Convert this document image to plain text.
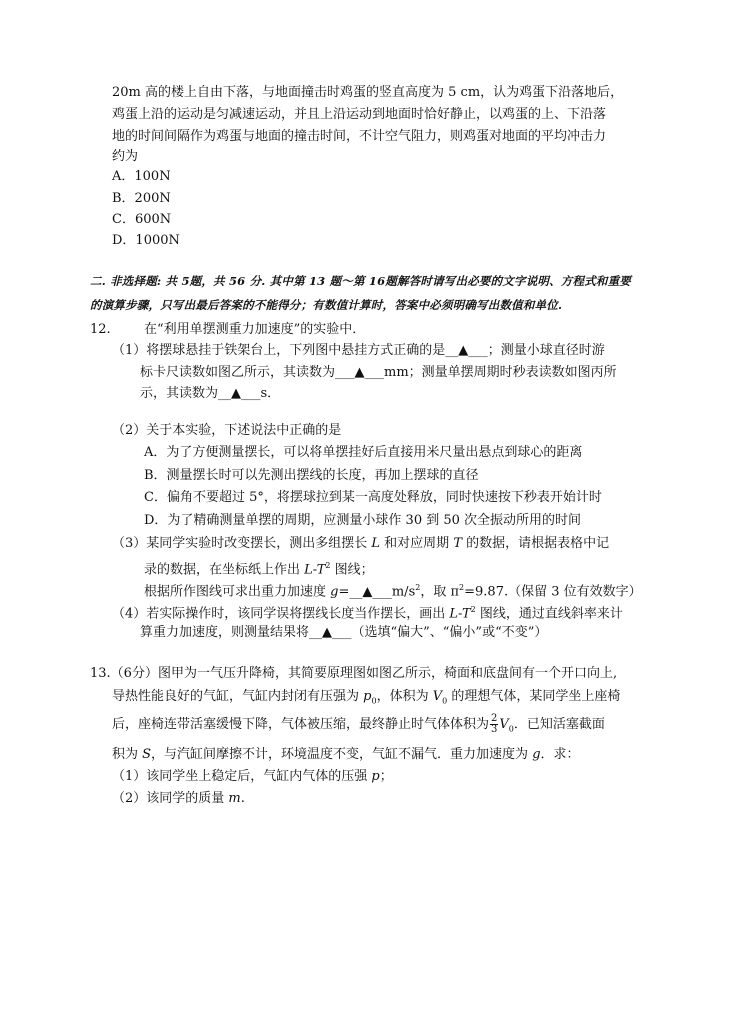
20m 高的楼上自由下落，与地面撞击时鸡蛋的竖直高度为 5 cm，认为鸡蛋下沿落地后，
鸡蛋上沿的运动是匀减速运动，并且上沿运动到地面时恰好静止，以鸡蛋的上、下沿落
地的时间间隔作为鸡蛋与地面的撞击时间，不计空气阻力，则鸡蛋对地面的平均冲击力
约为
A．100N
B．200N
C．600N
D．1000N
二. 非选择题: 共 5题，共 56 分. 其中第 13 题～第 16题解答时请写出必要的文字说明、方程式和重要
的演算步骤，只写出最后答案的不能得分；有数值计算时，答案中必须明确写出数值和单位.
12.	在“利用单摆测重力加速度”的实验中．
（1）将摆球悬挂于铁架台上，下列图中悬挂方式正确的是__▲___；测量小球直径时游
标卡尺读数如图乙所示，其读数为___▲___mm；测量单摆周期时秒表读数如图丙所
示，其读数为__▲___s．
（2）关于本实验，下述说法中正确的是
A．为了方便测量摆长，可以将单摆挂好后直接用米尺量出悬点到球心的距离
B．测量摆长时可以先测出摆线的长度，再加上摆球的直径
C．偏角不要超过 5°，将摆球拉到某一高度处释放，同时快速按下秒表开始计时
D．为了精确测量单摆的周期，应测量小球作 30 到 50 次全振动所用的时间
（3）某同学实验时改变摆长，测出多组摆长 L 和对应周期 T 的数据，请根据表格中记
录的数据，在坐标纸上作出 $L-T^2$ 图线；
根据所作图线可求出重力加速度 $g=\_\_▲\_\_\_m/s^2$，取 $\pi^2=9.87$.（保留 3 位有效数字）
（4）若实际操作时，该同学误将摆线长度当作摆长，画出 $L-T^2$ 图线，通过直线斜率来计
算重力加速度，则测量结果将__▲___（选填“偏大”、“偏小”或“不变”）
13.（6分）图甲为一气压升降椅，其简要原理图如图乙所示，椅面和底盘间有一个开口向上,
导热性能良好的气缸，气缸内封闭有压强为 $p_0$，体积为 $V_0$ 的理想气体，某同学坐上座椅
后，座椅连带活塞缓慢下降，气体被压缩，最终静止时气体体积为 $\frac{2}{3} V_0$．已知活塞截面
积为 S，与汽缸间摩擦不计，环境温度不变，气缸不漏气．重力加速度为 g．求：
（1）该同学坐上稳定后，气缸内气体的压强 p；
（2）该同学的质量 m.
